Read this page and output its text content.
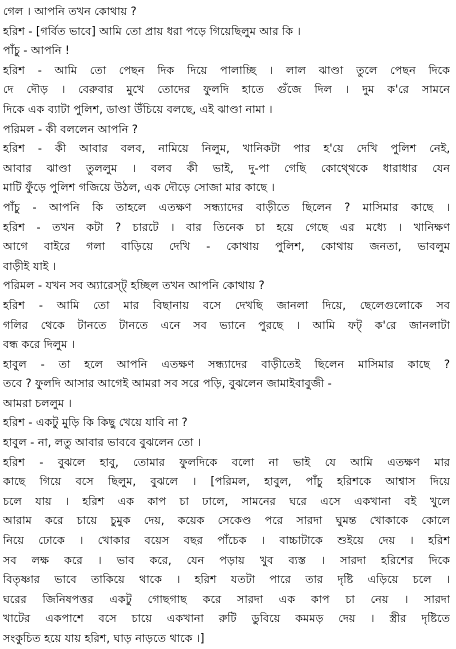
গেল । আপনি তখন কোথায় ?
হরিশ - [গর্বিত ভাবে] আমি তো প্রায় ধরা পড়ে গিয়েছিলুম আর কি ।
পাঁচু - আপনি !
হরিশ - আমি তো পেছন দিক দিয়ে পালাচ্ছি । লাল ঝাণ্ডা তুলে পেছন দিকে
দে দৌড় । বেরুবার মুখে তোদের ফুলদি হাতে গুঁজে দিল । দুম ক'রে সামনে
দিকে এক ব্যাটা পুলিশ, ডাণ্ডা উঁচিয়ে বলছে, এই ঝাণ্ডা নামা ।
পরিমল - কী বললেন আপনি ?
হরিশ - কী আবার বলব, নামিয়ে নিলুম, খানিকটা পার হ'য়ে দেখি পুলিশ নেই,
আবার ঝাণ্ডা তুললুম । বলব কী ভাই, দু-পা গেছি কোথ্থেকে ধারাধার যেন
মাটি ফুঁড়ে পুলিশ গজিয়ে উঠল, এক দৌড়ে সোজা মার কাছে ।
পাঁচু - আপনি কি তাহলে এতক্ষণ সন্ধ্যাদের বাড়ীতে ছিলেন ? মাসিমার কাছে ।
হরিশ - তখন কটা ? চারটে । বার তিনেক চা হয়ে গেছে এর মধ্যে । খানিক্ষণ
আগে বাইরে গলা বাড়িয়ে দেখি - কোথায় পুলিশ, কোথায় জনতা, ভাবলুম
বাড়ীই যাই ।
পরিমল - যখন সব অ্যারেস্ট্ হচ্ছিল তখন আপনি কোথায় ?
হরিশ - আমি তো মার বিছানায় বসে দেখছি জানলা দিয়ে, ছেলেগুলোকে সব
গলির থেকে টানতে টানতে এনে সব ভ্যানে পুরছে । আমি ফট্ ক'রে জানলাটা
বন্ধ করে দিলুম ।
হাবুল - তা হলে আপনি এতক্ষণ সন্ধ্যাদের বাড়ীতেই ছিলেন মাসিমার কাছে ?
তবে ? ফুলদি আসার আগেই আমরা সব সরে পড়ি, বুঝলেন জামাইবাবুজী -
আমরা চললুম ।
হরিশ - একটু মুড়ি কি কিছু খেয়ে যাবি না ?
হাবুল - না, লতু আবার ভাববে বুঝলেন তো ।
হরিশ - বুঝলে হাবু, তোমার ফুলদিকে বলো না ভাই যে আমি এতক্ষণ মার
কাছে গিয়ে বসে ছিলুম, বুঝলে । [পরিমল, হাবুল, পাঁচু হরিশকে আশ্বাস দিয়ে
চলে যায় । হরিশ এক কাপ চা ঢালে, সামনের ঘরে এসে একখানা বই খুলে
আরাম করে চায়ে চুমুক দেয়, কয়েক সেকেণ্ড পরে সারদা ঘুমন্ত খোকাকে কোলে
নিয়ে ঢোকে । খোকার বয়েস বছর পাঁচেক । বাচ্চাটাকে শুইয়ে দেয় । হরিশ
সব লক্ষ করে । ভাব করে, যেন পড়ায় খুব ব্যস্ত । সারদা হরিশের দিকে
বিতৃষ্ণার ভাবে তাকিয়ে থাকে । হরিশ যতটা পারে তার দৃষ্টি এড়িয়ে চলে ।
ঘরের জিনিষপত্তর একটু গোছগাছ করে সারদা এক কাপ চা নেয় । সারদা
খাটের একপাশে বসে চায়ে একখানা রুটি ডুবিয়ে কমমড় দেয় । স্ত্রীর দৃষ্টিতে
সংকুচিত হয়ে যায় হরিশ, ঘাড় নাড়তে থাকে ।]
